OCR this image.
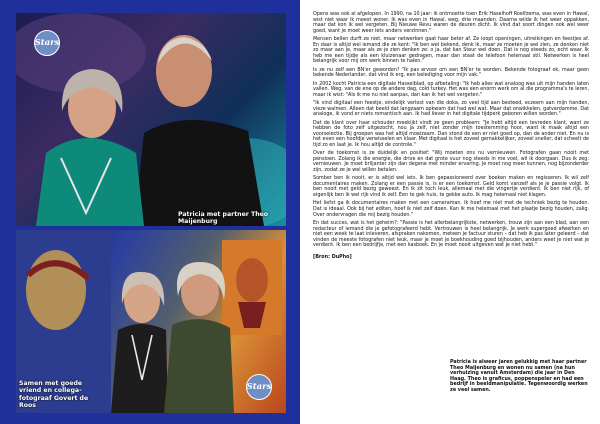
Stars
Patricia met partner Theo Maijenburg
Stars
Samen met goede vriend en collega-fotograaf Govert de Roos

Opens was ook al afgelopen. In 1990, na 10 jaar: ik ontmoette toen Erik Haselhoff Roelfzema, was even in Hawaï, wist niet waar ik meest woner. Ik was even in Hawaï, weg, drie maanden. Daarna wilde ik het weer oppakken, maar dat kon ik wel vergeten. Bij Nieuwe Revu waren de deuren dicht. Ik vind dat soort dingen ook wel weer goed, want je moet weer iets anders verzinnen."

Mensen bellen durft ze niet, maar netwerken gaat haar beter af. Ze loopt openingen, uitreikingen en feestjes af. En daar is altijd wel iemand die ze kent: "Ik ben wel bekend, denk ik, maar ze moeten je wel zien, ze denken niet zo maar aan je, maar als ze je zien denken ze: o ja, dat kan Steur wel doen. Dat is nog steeds zo, echt waar. Ik heb me een tijdje als een kluizenaar gedragen, maar dan staat de telefoon helemaal stil. Netwerken is heel belangrijk voor mij om werk binnen te halen."

Is ze nu zelf een BN'er geworden? "Ik pas ervoor om een BN'er te worden. Bekende fotograaf ok, maar geen bekende Nederlander, dat vind ik erg, een belediging voor mijn vak."

In 2002 kocht Patricia een digitale Hasselblad, op afbetaling: "Ik heb alles wat analoog was uit mijn handen laten vallen. Weg, van de ene op de andere dag, cold turkey. Het was een enorm werk om al die programma's te leren, maar ik wist: "Als ik me nu niet aanpas, dan kan ik het wel vergeten."

"Ik vind digitaal een feestje, eindelijk verlost van die doka, zo veel tijd aan besteed, eczeem aan mijn handen, vieze walmen. Alleen dat beeld dat langzaam opkwam dat had wel wat. Maar dat onwikkelen, gatverdamme. Dat analoge, ik vond er niets romantisch aan. Ik had liever in het digitale tijdperk geboren willen worden."

Dat de klant over haar schouder meekijkt vindt ze geen probleem: "Je hebt altijd een tevreden klant, want ze hebben de foto zelf uitgezocht, nou ja zelf, niet zonder mijn toestemming hoor, want ik maak altijd een voorselectie. Bij groepen was het altijd moeizaam. Dan stond de een er niet goed op, dan de ander niet. En nu is het even een hoofdje verwisselen en klaar. Met digitaal is het zoveel gemakkelijker, zoveel sneller, dat scheelt de tijd zo en laat je. Ik hou altijd de controle."

Over de toekomst is ze duidelijk en positief: "Wij moeten ons nu vernieuwen. Fotografen gaan nooit met pensioen. Zolang ik die energie, die drive en dat grote vuur nog steeds in me voel, wil ik doorgaan. Dus ik zeg: vernieuwen. Je moet briljanter zijn dan degene met minder ervaring. Je moet nog meer kunnen, nog bijzonderder zijn, zodat ze je wel willen betalen.

Somber ben ik nooit, er is altijd wel iets. Ik ben gepassioneerd over boeken maken en regisseren. Ik wil zelf documentaires maken. Zolang er een passie is, is er een toekomst. Geld komt vanzelf als je je passie volgt. Ik ben nooit met geld bezig geweest. En ik zit toch leuk, allemaal met die vingertje verdient. Ik ben niet rijk, of eigenlijk ben ik wel rijk vind ik zelf. Een te gek huis, te gekke auto. Ik mag helemaal niet klagen.

Het liefst ga ik documentaires maken met een cameraman. Ik hoef me niet met de techniek bezig te houden. Dat is ideaal. Ook bij het editen, hoef ik niet zelf doen. Kan ik me helemaal met het plaatje bezig houden, zalig. Over ondervragen die mij bezig houden."

En dat succes, wat is het geheim?: "Passie is het allerbelangrijkste, netwerken, trouw zijn aan een blad, aan een redacteur of iemand die je gefotografeerd hebt. Vertrouwen is heel belangrijk. Je werk supergoed afwerken en niet een week te laat inleveren, afspraken nakomen, meteen je factuur sturen – dat heb ik pas later geleerd – dat vinden de meeste fotografen niet leuk, maar je moet je boekhouding goed bijhouden, anders weet je niet wat je verdient. Ik ben een bedrijfje, met een kasboek. En je moet nooit uitgeven wat je niet hebt."

[Bron: DuPho]

Patricia is alweer jaren gelukkig met haar partner Theo Maijenburg en wonen nu samen (na hun verhuizing vanuit Amsterdam) die jaar in Den Haag. Theo is graficus, poppenspeler en had een bedrijf in beeldmanipulatie. Tegenwoordig werken ze veel samen.
